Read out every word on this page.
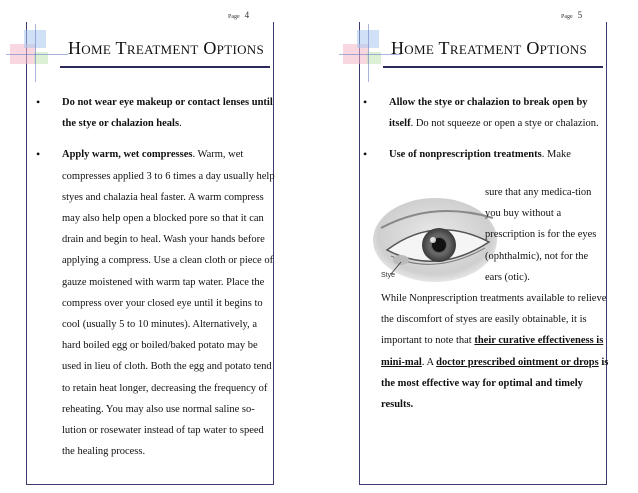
Page 4
Home Treatment Options
• Do not wear eye makeup or contact lenses until the stye or chalazion heals.
• Apply warm, wet compresses. Warm, wet compresses applied 3 to 6 times a day usually help styes and chalazia heal faster. A warm compress may also help open a blocked pore so that it can drain and begin to heal. Wash your hands before applying a compress. Use a clean cloth or piece of gauze moistened with warm tap water. Place the compress over your closed eye until it begins to cool (usually 5 to 10 minutes). Alternatively, a hard boiled egg or boiled/baked potato may be used in lieu of cloth. Both the egg and potato tend to retain heat longer, decreasing the frequency of reheating. You may also use normal saline so-lution or rosewater instead of tap water to speed the healing process.
Page 5
Home Treatment Options
• Allow the stye or chalazion to break open by itself. Do not squeeze or open a stye or chalazion.
• Use of nonprescription treatments. Make
Stye
sure that any medica-tion you buy without a prescription is for the eyes (ophthalmic), not for the ears (otic).
While Nonprescription treatments available to relieve the discomfort of styes are easily obtainable, it is important to note that their curative effectiveness is mini-mal. A doctor prescribed ointment or drops is the most effective way for optimal and timely results.
